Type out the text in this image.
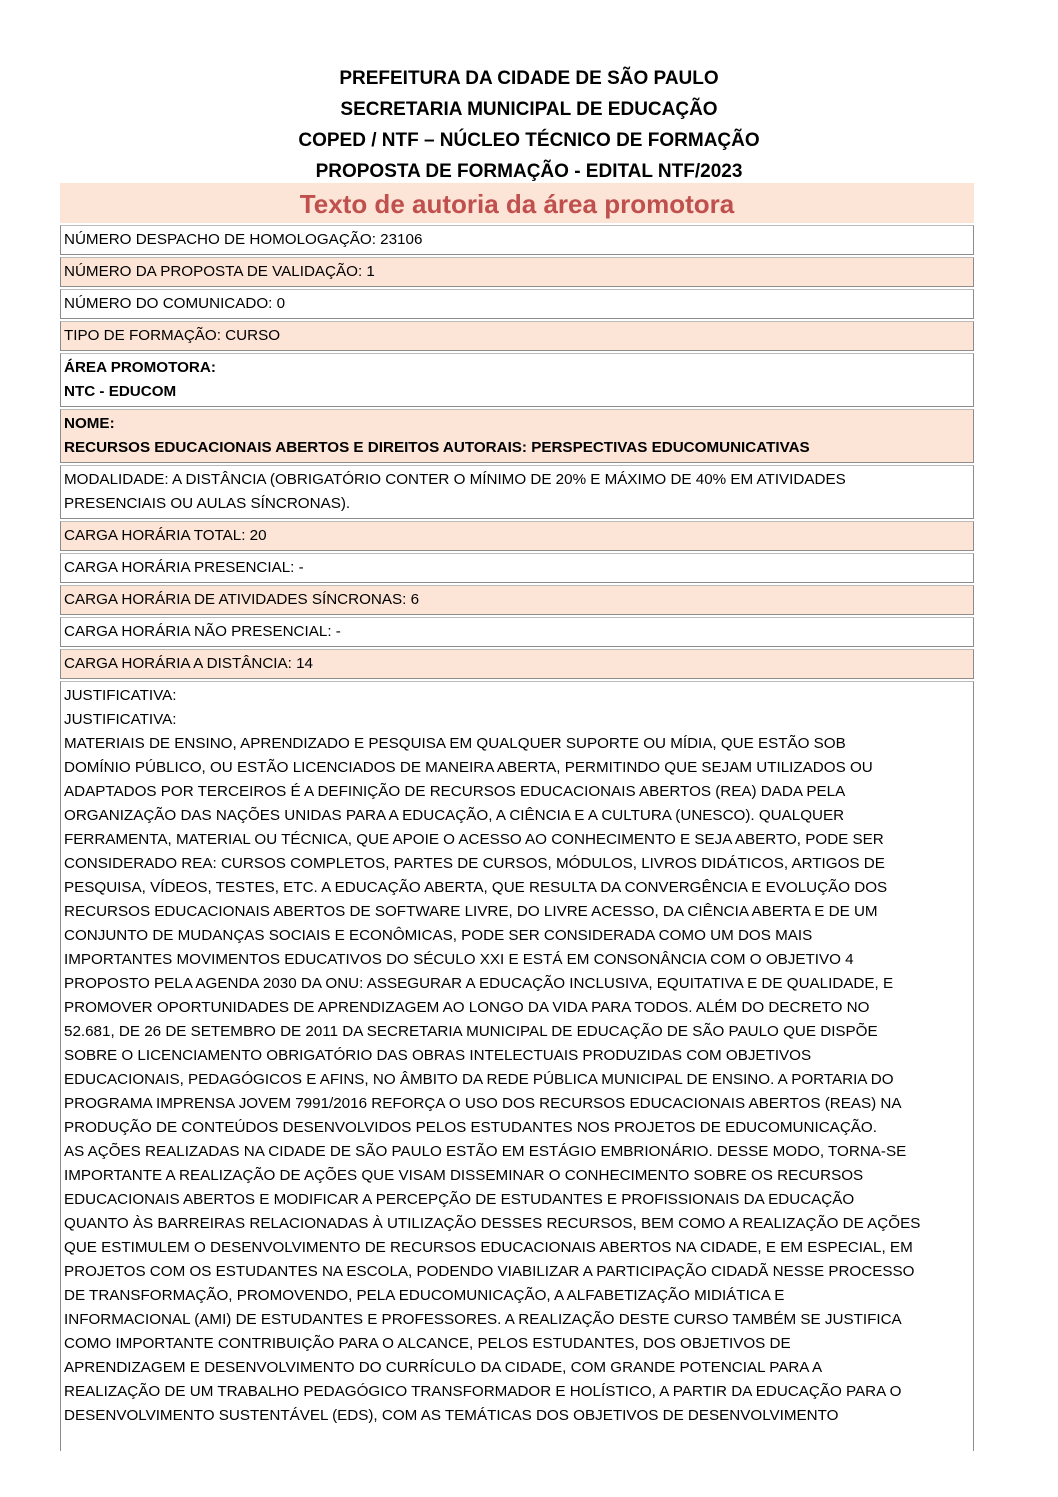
PREFEITURA DA CIDADE DE SÃO PAULO
SECRETARIA MUNICIPAL DE EDUCAÇÃO
COPED / NTF – NÚCLEO TÉCNICO DE FORMAÇÃO
PROPOSTA DE FORMAÇÃO - EDITAL NTF/2023
Texto de autoria da área promotora
NÚMERO DESPACHO DE HOMOLOGAÇÃO: 23106
NÚMERO DA PROPOSTA DE VALIDAÇÃO: 1
NÚMERO DO COMUNICADO: 0
TIPO DE FORMAÇÃO: CURSO
ÁREA PROMOTORA:
NTC - EDUCOM
NOME:
RECURSOS EDUCACIONAIS ABERTOS E DIREITOS AUTORAIS: PERSPECTIVAS EDUCOMUNICATIVAS
MODALIDADE: A DISTÂNCIA (OBRIGATÓRIO CONTER O MÍNIMO DE 20% E MÁXIMO DE 40% EM ATIVIDADES
PRESENCIAIS OU AULAS SÍNCRONAS).
CARGA HORÁRIA TOTAL: 20
CARGA HORÁRIA PRESENCIAL: -
CARGA HORÁRIA DE ATIVIDADES SÍNCRONAS: 6
CARGA HORÁRIA NÃO PRESENCIAL: -
CARGA HORÁRIA A DISTÂNCIA: 14
JUSTIFICATIVA:
JUSTIFICATIVA:
MATERIAIS DE ENSINO, APRENDIZADO E PESQUISA EM QUALQUER SUPORTE OU MÍDIA, QUE ESTÃO SOB
DOMÍNIO PÚBLICO, OU ESTÃO LICENCIADOS DE MANEIRA ABERTA, PERMITINDO QUE SEJAM UTILIZADOS OU
ADAPTADOS POR TERCEIROS É A DEFINIÇÃO DE RECURSOS EDUCACIONAIS ABERTOS (REA) DADA PELA
ORGANIZAÇÃO DAS NAÇÕES UNIDAS PARA A EDUCAÇÃO, A CIÊNCIA E A CULTURA (UNESCO). QUALQUER
FERRAMENTA, MATERIAL OU TÉCNICA, QUE APOIE O ACESSO AO CONHECIMENTO E SEJA ABERTO, PODE SER
CONSIDERADO REA: CURSOS COMPLETOS, PARTES DE CURSOS, MÓDULOS, LIVROS DIDÁTICOS, ARTIGOS DE
PESQUISA, VÍDEOS, TESTES, ETC. A EDUCAÇÃO ABERTA, QUE RESULTA DA CONVERGÊNCIA E EVOLUÇÃO DOS
RECURSOS EDUCACIONAIS ABERTOS DE SOFTWARE LIVRE, DO LIVRE ACESSO, DA CIÊNCIA ABERTA E DE UM
CONJUNTO DE MUDANÇAS SOCIAIS E ECONÔMICAS, PODE SER CONSIDERADA COMO UM DOS MAIS
IMPORTANTES MOVIMENTOS EDUCATIVOS DO SÉCULO XXI E ESTÁ EM CONSONÂNCIA COM O OBJETIVO 4
PROPOSTO PELA AGENDA 2030 DA ONU: ASSEGURAR A EDUCAÇÃO INCLUSIVA, EQUITATIVA E DE QUALIDADE, E
PROMOVER OPORTUNIDADES DE APRENDIZAGEM AO LONGO DA VIDA PARA TODOS. ALÉM DO DECRETO NO
52.681, DE 26 DE SETEMBRO DE 2011 DA SECRETARIA MUNICIPAL DE EDUCAÇÃO DE SÃO PAULO QUE DISPÕE
SOBRE O LICENCIAMENTO OBRIGATÓRIO DAS OBRAS INTELECTUAIS PRODUZIDAS COM OBJETIVOS
EDUCACIONAIS, PEDAGÓGICOS E AFINS, NO ÂMBITO DA REDE PÚBLICA MUNICIPAL DE ENSINO. A PORTARIA DO
PROGRAMA IMPRENSA JOVEM 7991/2016 REFORÇA O USO DOS RECURSOS EDUCACIONAIS ABERTOS (REAS) NA
PRODUÇÃO DE CONTEÚDOS DESENVOLVIDOS PELOS ESTUDANTES NOS PROJETOS DE EDUCOMUNICAÇÃO.
AS AÇÕES REALIZADAS NA CIDADE DE SÃO PAULO ESTÃO EM ESTÁGIO EMBRIONÁRIO. DESSE MODO, TORNA-SE
IMPORTANTE A REALIZAÇÃO DE AÇÕES QUE VISAM DISSEMINAR O CONHECIMENTO SOBRE OS RECURSOS
EDUCACIONAIS ABERTOS E MODIFICAR A PERCEPÇÃO DE ESTUDANTES E PROFISSIONAIS DA EDUCAÇÃO
QUANTO ÀS BARREIRAS RELACIONADAS À UTILIZAÇÃO DESSES RECURSOS, BEM COMO A REALIZAÇÃO DE AÇÕES
QUE ESTIMULEM O DESENVOLVIMENTO DE RECURSOS EDUCACIONAIS ABERTOS NA CIDADE, E EM ESPECIAL, EM
PROJETOS COM OS ESTUDANTES NA ESCOLA, PODENDO VIABILIZAR A PARTICIPAÇÃO CIDADÃ NESSE PROCESSO
DE TRANSFORMAÇÃO, PROMOVENDO, PELA EDUCOMUNICAÇÃO, A ALFABETIZAÇÃO MIDIÁTICA E
INFORMACIONAL (AMI) DE ESTUDANTES E PROFESSORES. A REALIZAÇÃO DESTE CURSO TAMBÉM SE JUSTIFICA
COMO IMPORTANTE CONTRIBUIÇÃO PARA O ALCANCE, PELOS ESTUDANTES, DOS OBJETIVOS DE
APRENDIZAGEM E DESENVOLVIMENTO DO CURRÍCULO DA CIDADE, COM GRANDE POTENCIAL PARA A
REALIZAÇÃO DE UM TRABALHO PEDAGÓGICO TRANSFORMADOR E HOLÍSTICO, A PARTIR DA EDUCAÇÃO PARA O
DESENVOLVIMENTO SUSTENTÁVEL (EDS), COM AS TEMÁTICAS DOS OBJETIVOS DE DESENVOLVIMENTO
